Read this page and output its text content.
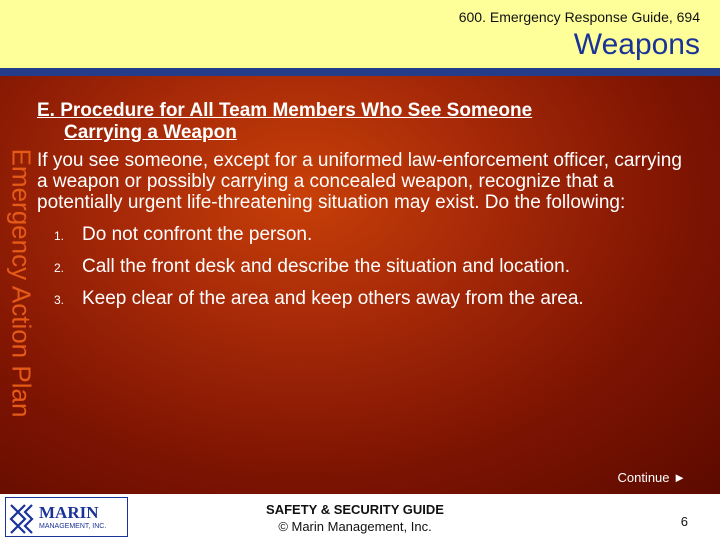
600. Emergency Response Guide, 694
Weapons
Emergency Action Plan
E. Procedure for All Team Members Who See Someone
Carrying a Weapon

If you see someone, except for a uniformed law-enforcement officer, carrying a weapon or possibly carrying a concealed weapon, recognize that a potentially urgent life-threatening situation may exist. Do the following:

1. Do not confront the person.
2. Call the front desk and describe the situation and location.
3. Keep clear of the area and keep others away from the area.
Continue ►
MARIN
MANAGEMENT, INC.
SAFETY & SECURITY GUIDE
© Marin Management, Inc.	6
